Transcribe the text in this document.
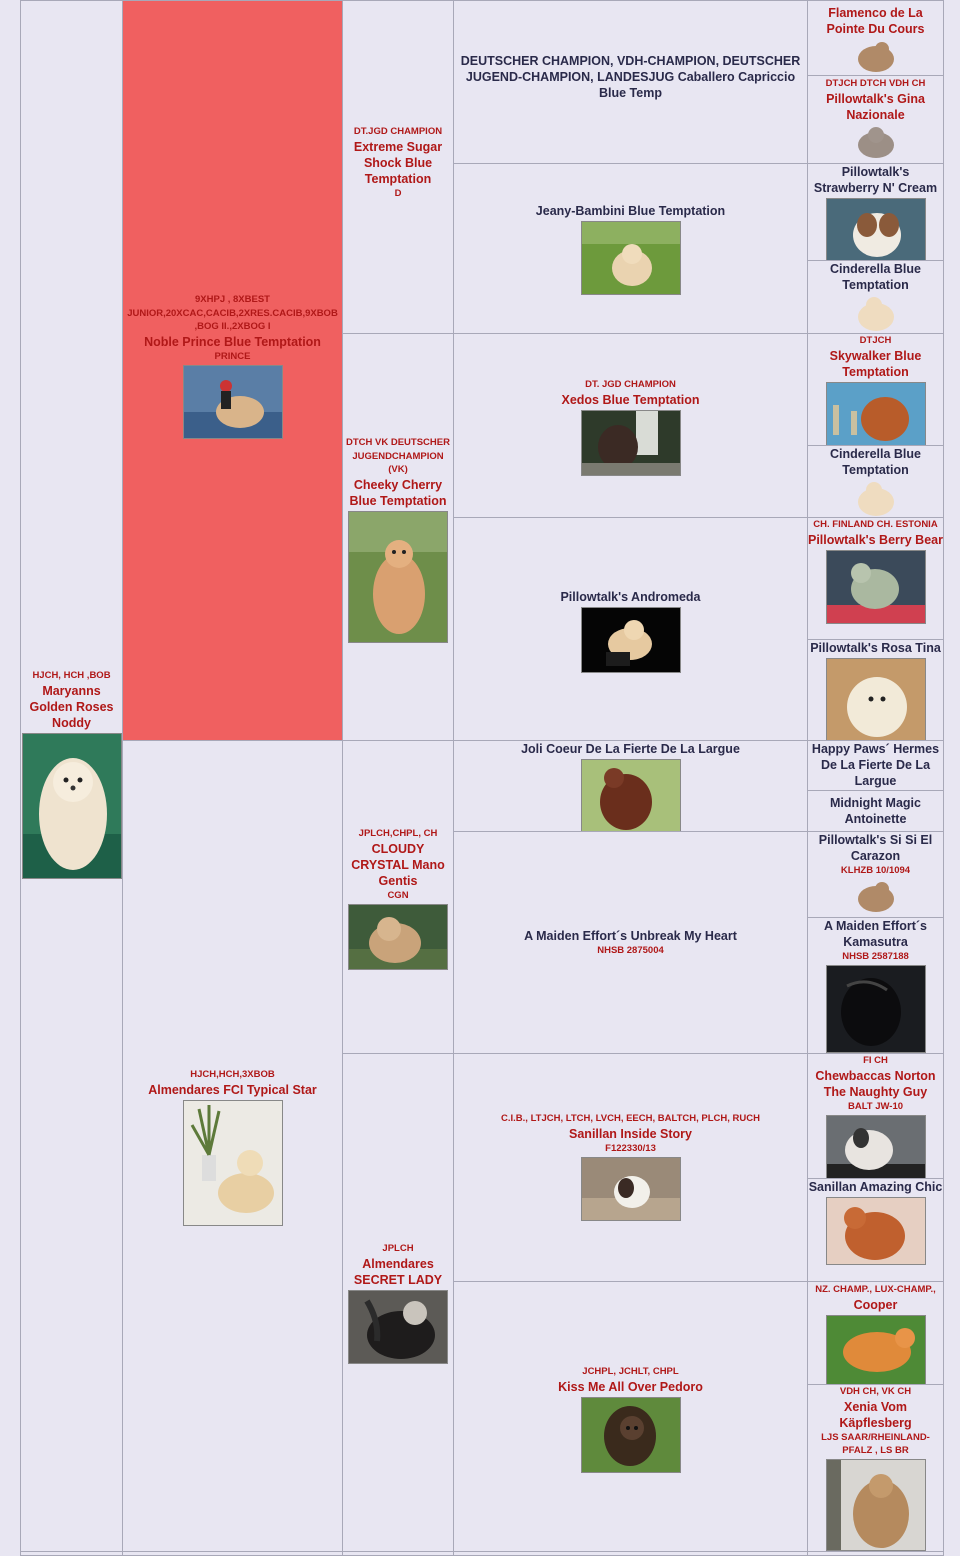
HJCH, HCH ,BOB
Maryanns Golden Roses Noddy
9XHPJ , 8XBEST JUNIOR,20XCAC,CACIB,2XRES.CACIB,9XBOB ,BOG II.,2XBOG I
Noble Prince Blue Temptation
PRINCE
HJCH,HCH,3XBOB
Almendares FCI Typical Star
DT.JGD CHAMPION
Extreme Sugar Shock Blue Temptation
D
DTCH VK DEUTSCHER JUGENDCHAMPION (VK)
Cheeky Cherry Blue Temptation
JPLCH,CHPL, CH
CLOUDY CRYSTAL Mano Gentis
CGN
JPLCH
Almendares SECRET LADY
DEUTSCHER CHAMPION, VDH-CHAMPION, DEUTSCHER JUGEND-CHAMPION, LANDESJUG Caballero Capriccio Blue Temp
Jeany-Bambini Blue Temptation
DT. JGD CHAMPION
Xedos Blue Temptation
Pillowtalk's Andromeda
Joli Coeur De La Fierte De La Largue
A Maiden Effort´s Unbreak My Heart
NHSB 2875004
C.I.B., LTJCH, LTCH, LVCH, EECH, BALTCH, PLCH, RUCH
Sanillan Inside Story
F122330/13
JCHPL, JCHLT, CHPL
Kiss Me All Over Pedoro

Flamenco de La Pointe Du Cours
DTJCH DTCH VDH CH
Pillowtalk's Gina Nazionale
Pillowtalk's Strawberry N' Cream
Cinderella Blue Temptation
DTJCH
Skywalker Blue Temptation
Cinderella Blue Temptation
CH. FINLAND CH. ESTONIA
Pillowtalk's Berry Bear
Pillowtalk's Rosa Tina
Happy Paws´ Hermes De La Fierte De La Largue
Midnight Magic Antoinette
Pillowtalk's Si Si El Carazon
KLHZB 10/1094
A Maiden Effort´s Kamasutra
NHSB 2587188
FI CH
Chewbaccas Norton The Naughty Guy
BALT JW-10
Sanillan Amazing Chic
NZ. CHAMP., LUX-CHAMP.,
Cooper
VDH CH, VK CH
Xenia Vom Käpflesberg
LJS SAAR/RHEINLAND-PFALZ , LS BR
